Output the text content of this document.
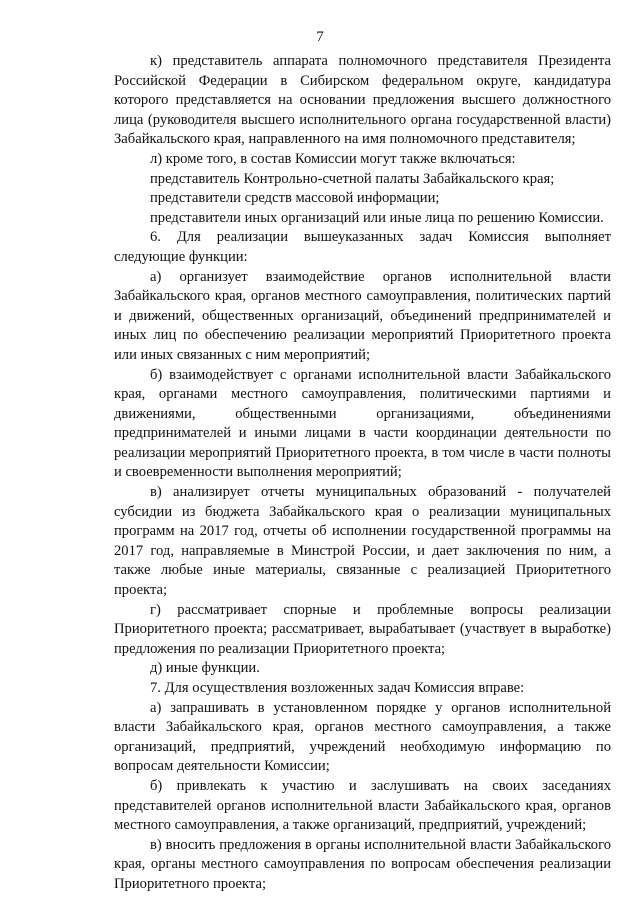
7

к) представитель аппарата полномочного представителя Президента Российской Федерации в Сибирском федеральном округе, кандидатура которого представляется на основании предложения высшего должностного лица (руководителя высшего исполнительного органа государственной власти) Забайкальского края, направленного на имя полномочного представителя;

л) кроме того, в состав Комиссии могут также включаться:

представитель Контрольно-счетной палаты Забайкальского края;

представители средств массовой информации;

представители иных организаций или иные лица по решению Комиссии.

6. Для реализации вышеуказанных задач Комиссия выполняет следующие функции:

а) организует взаимодействие органов исполнительной власти Забайкальского края, органов местного самоуправления, политических партий и движений, общественных организаций, объединений предпринимателей и иных лиц по обеспечению реализации мероприятий Приоритетного проекта или иных связанных с ним мероприятий;

б) взаимодействует с органами исполнительной власти Забайкальского края, органами местного самоуправления, политическими партиями и движениями, общественными организациями, объединениями предпринимателей и иными лицами в части координации деятельности по реализации мероприятий Приоритетного проекта, в том числе в части полноты и своевременности выполнения мероприятий;

в) анализирует отчеты муниципальных образований - получателей субсидии из бюджета Забайкальского края о реализации муниципальных программ на 2017 год, отчеты об исполнении государственной программы на 2017 год, направляемые в Минстрой России, и дает заключения по ним, а также любые иные материалы, связанные с реализацией Приоритетного проекта;

г) рассматривает спорные и проблемные вопросы реализации Приоритетного проекта; рассматривает, вырабатывает (участвует в выработке) предложения по реализации Приоритетного проекта;

д) иные функции.

7. Для осуществления возложенных задач Комиссия вправе:

а) запрашивать в установленном порядке у органов исполнительной власти Забайкальского края, органов местного самоуправления, а также организаций, предприятий, учреждений необходимую информацию по вопросам деятельности Комиссии;

б) привлекать к участию и заслушивать на своих заседаниях представителей органов исполнительной власти Забайкальского края, органов местного самоуправления, а также организаций, предприятий, учреждений;

в) вносить предложения в органы исполнительной власти Забайкальского края, органы местного самоуправления по вопросам обеспечения реализации Приоритетного проекта;
